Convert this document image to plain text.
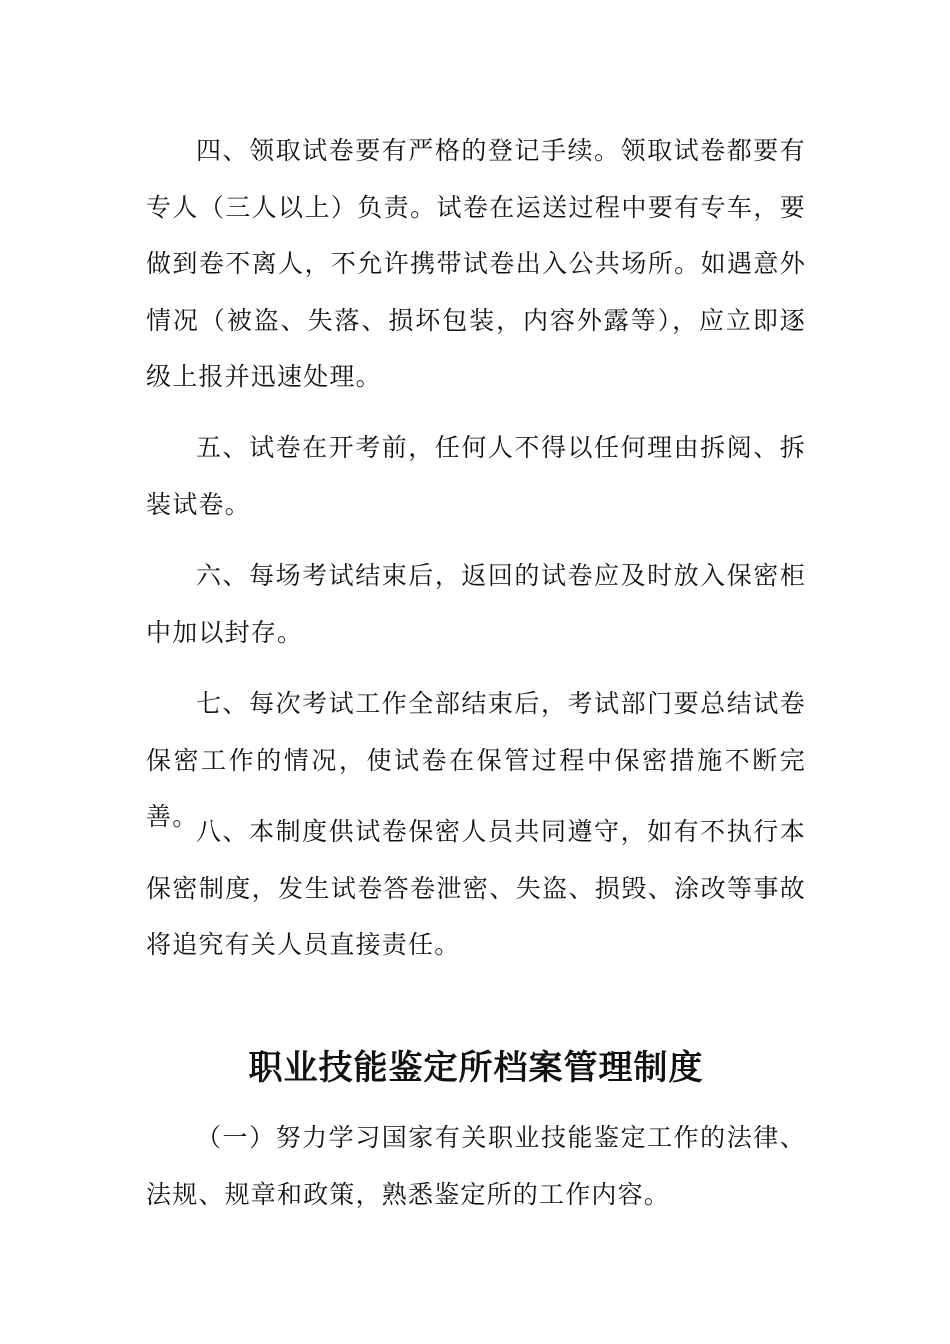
四、领取试卷要有严格的登记手续。领取试卷都要有专人（三人以上）负责。试卷在运送过程中要有专车，要做到卷不离人，不允许携带试卷出入公共场所。如遇意外情况（被盗、失落、损坏包装，内容外露等），应立即逐级上报并迅速处理。

五、试卷在开考前，任何人不得以任何理由拆阅、拆装试卷。

六、每场考试结束后，返回的试卷应及时放入保密柜中加以封存。

七、每次考试工作全部结束后，考试部门要总结试卷保密工作的情况，使试卷在保管过程中保密措施不断完善。

八、本制度供试卷保密人员共同遵守，如有不执行本保密制度，发生试卷答卷泄密、失盗、损毁、涂改等事故将追究有关人员直接责任。

职业技能鉴定所档案管理制度

（一）努力学习国家有关职业技能鉴定工作的法律、法规、规章和政策，熟悉鉴定所的工作内容。
